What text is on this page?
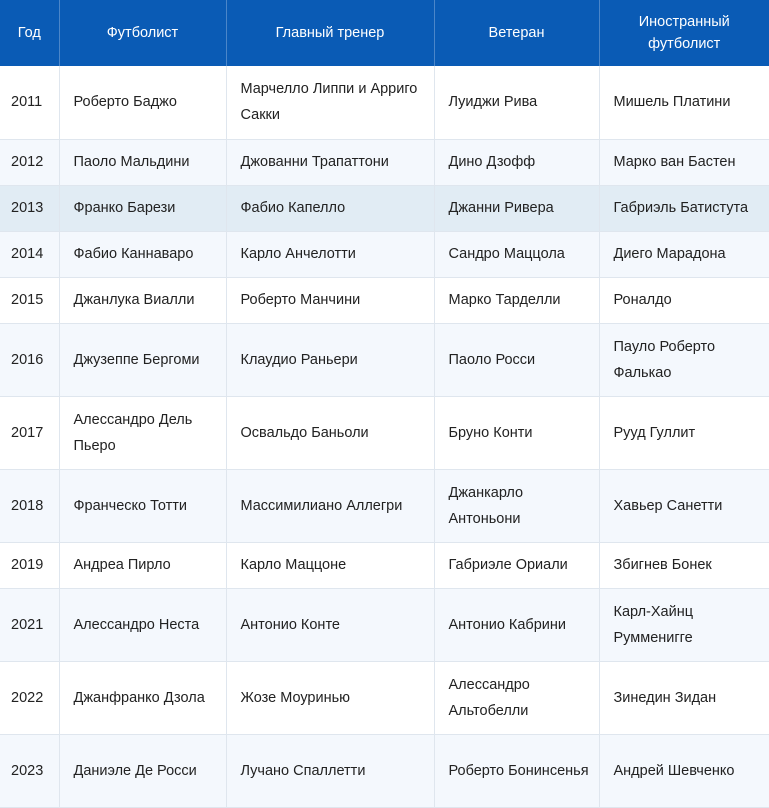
Год	Футболист	Главный тренер	Ветеран	Иностранный
футболист
2011	Роберто Баджо	Марчелло Липпи и Арриго Сакки	Луиджи Рива	Мишель Платини
2012	Паоло Мальдини	Джованни Трапаттони	Дино Дзофф	Марко ван Бастен
2013	Франко Барези	Фабио Капелло	Джанни Ривера	Габриэль Батистута
2014	Фабио Каннаваро	Карло Анчелотти	Сандро Маццола	Диего Марадона
2015	Джанлука Виалли	Роберто Манчини	Марко Тарделли	Роналдо
2016	Джузеппе Бергоми	Клаудио Раньери	Паоло Росси	Пауло Роберто Фалькао
2017	Алессандро Дель Пьеро	Освальдо Баньоли	Бруно Конти	Рууд Гуллит
2018	Франческо Тотти	Массимилиано Аллегри	Джанкарло Антоньони	Хавьер Санетти
2019	Андреа Пирло	Карло Маццоне	Габриэле Ориали	Збигнев Бонек
2021	Алессандро Неста	Антонио Конте	Антонио Кабрини	Карл-Хайнц Румменигге
2022	Джанфранко Дзола	Жозе Моуринью	Алессандро Альтобелли	Зинедин Зидан
2023	Даниэле Де Росси	Лучано Спаллетти	Роберто Бонинсенья	Андрей Шевченко
